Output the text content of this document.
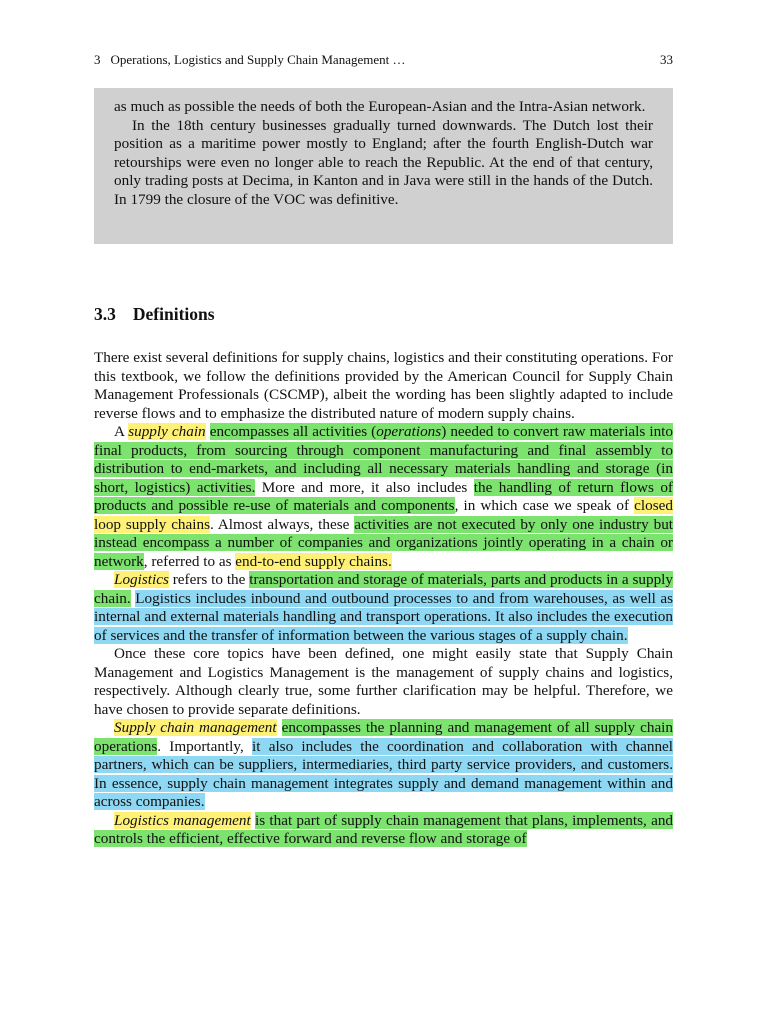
3 Operations, Logistics and Supply Chain Management …	33

as much as possible the needs of both the European-Asian and the Intra-Asian network.

In the 18th century businesses gradually turned downwards. The Dutch lost their position as a maritime power mostly to England; after the fourth English-Dutch war retourships were even no longer able to reach the Republic. At the end of that century, only trading posts at Decima, in Kanton and in Java were still in the hands of the Dutch. In 1799 the closure of the VOC was definitive.

3.3 Definitions

There exist several definitions for supply chains, logistics and their constituting operations. For this textbook, we follow the definitions provided by the American Council for Supply Chain Management Professionals (CSCMP), albeit the wording has been slightly adapted to include reverse flows and to emphasize the distributed nature of modern supply chains.

A supply chain encompasses all activities (operations) needed to convert raw materials into final products, from sourcing through component manufacturing and final assembly to distribution to end-markets, and including all necessary materials handling and storage (in short, logistics) activities. More and more, it also includes the handling of return flows of products and possible re-use of materials and components, in which case we speak of closed loop supply chains. Almost always, these activities are not executed by only one industry but instead encompass a number of companies and organizations jointly operating in a chain or network, referred to as end-to-end supply chains.

Logistics refers to the transportation and storage of materials, parts and products in a supply chain. Logistics includes inbound and outbound processes to and from warehouses, as well as internal and external materials handling and transport operations. It also includes the execution of services and the transfer of information between the various stages of a supply chain.

Once these core topics have been defined, one might easily state that Supply Chain Management and Logistics Management is the management of supply chains and logistics, respectively. Although clearly true, some further clarification may be helpful. Therefore, we have chosen to provide separate definitions.

Supply chain management encompasses the planning and management of all supply chain operations. Importantly, it also includes the coordination and collaboration with channel partners, which can be suppliers, intermediaries, third party service providers, and customers. In essence, supply chain management integrates supply and demand management within and across companies.

Logistics management is that part of supply chain management that plans, implements, and controls the efficient, effective forward and reverse flow and storage of
